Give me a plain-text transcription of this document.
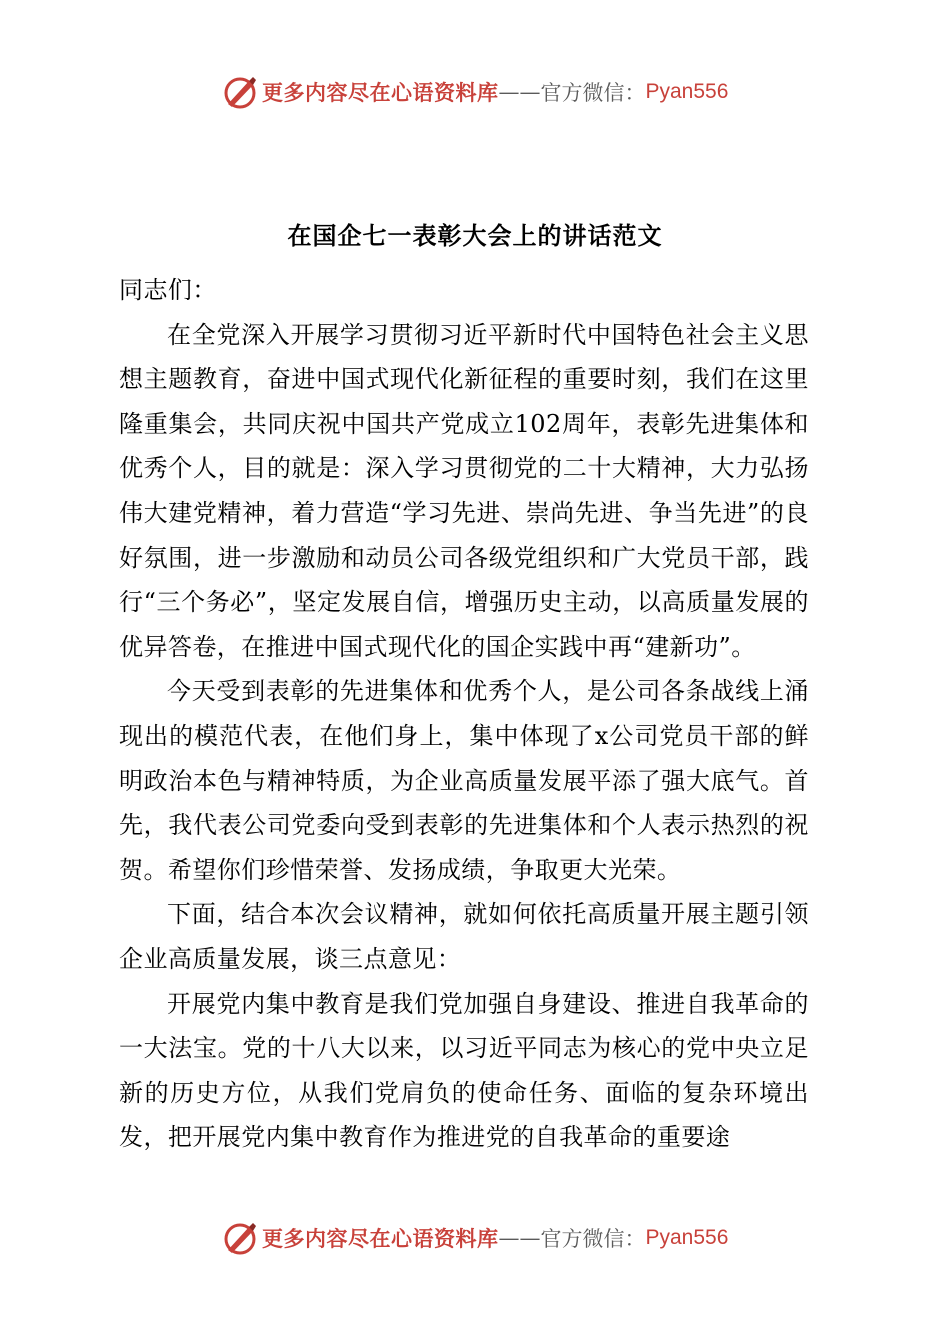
更多内容尽在心语资料库 —— 官方微信： Pyan556
在国企七一表彰大会上的讲话范文

同志们：

在全党深入开展学习贯彻习近平新时代中国特色社会主义思想主题教育，奋进中国式现代化新征程的重要时刻，我们在这里隆重集会，共同庆祝中国共产党成立102周年，表彰先进集体和优秀个人，目的就是：深入学习贯彻党的二十大精神，大力弘扬伟大建党精神，着力营造“学习先进、崇尚先进、争当先进”的良好氛围，进一步激励和动员公司各级党组织和广大党员干部，践行“三个务必”，坚定发展自信，增强历史主动，以高质量发展的优异答卷，在推进中国式现代化的国企实践中再“建新功”。

今天受到表彰的先进集体和优秀个人，是公司各条战线上涌现出的模范代表，在他们身上，集中体现了x公司党员干部的鲜明政治本色与精神特质，为企业高质量发展平添了强大底气。首先，我代表公司党委向受到表彰的先进集体和个人表示热烈的祝贺。希望你们珍惜荣誉、发扬成绩，争取更大光荣。

下面，结合本次会议精神，就如何依托高质量开展主题引领企业高质量发展，谈三点意见：

开展党内集中教育是我们党加强自身建设、推进自我革命的一大法宝。党的十八大以来，以习近平同志为核心的党中央立足新的历史方位，从我们党肩负的使命任务、面临的复杂环境出发，把开展党内集中教育作为推进党的自我革命的重要途

更多内容尽在心语资料库 —— 官方微信： Pyan556
